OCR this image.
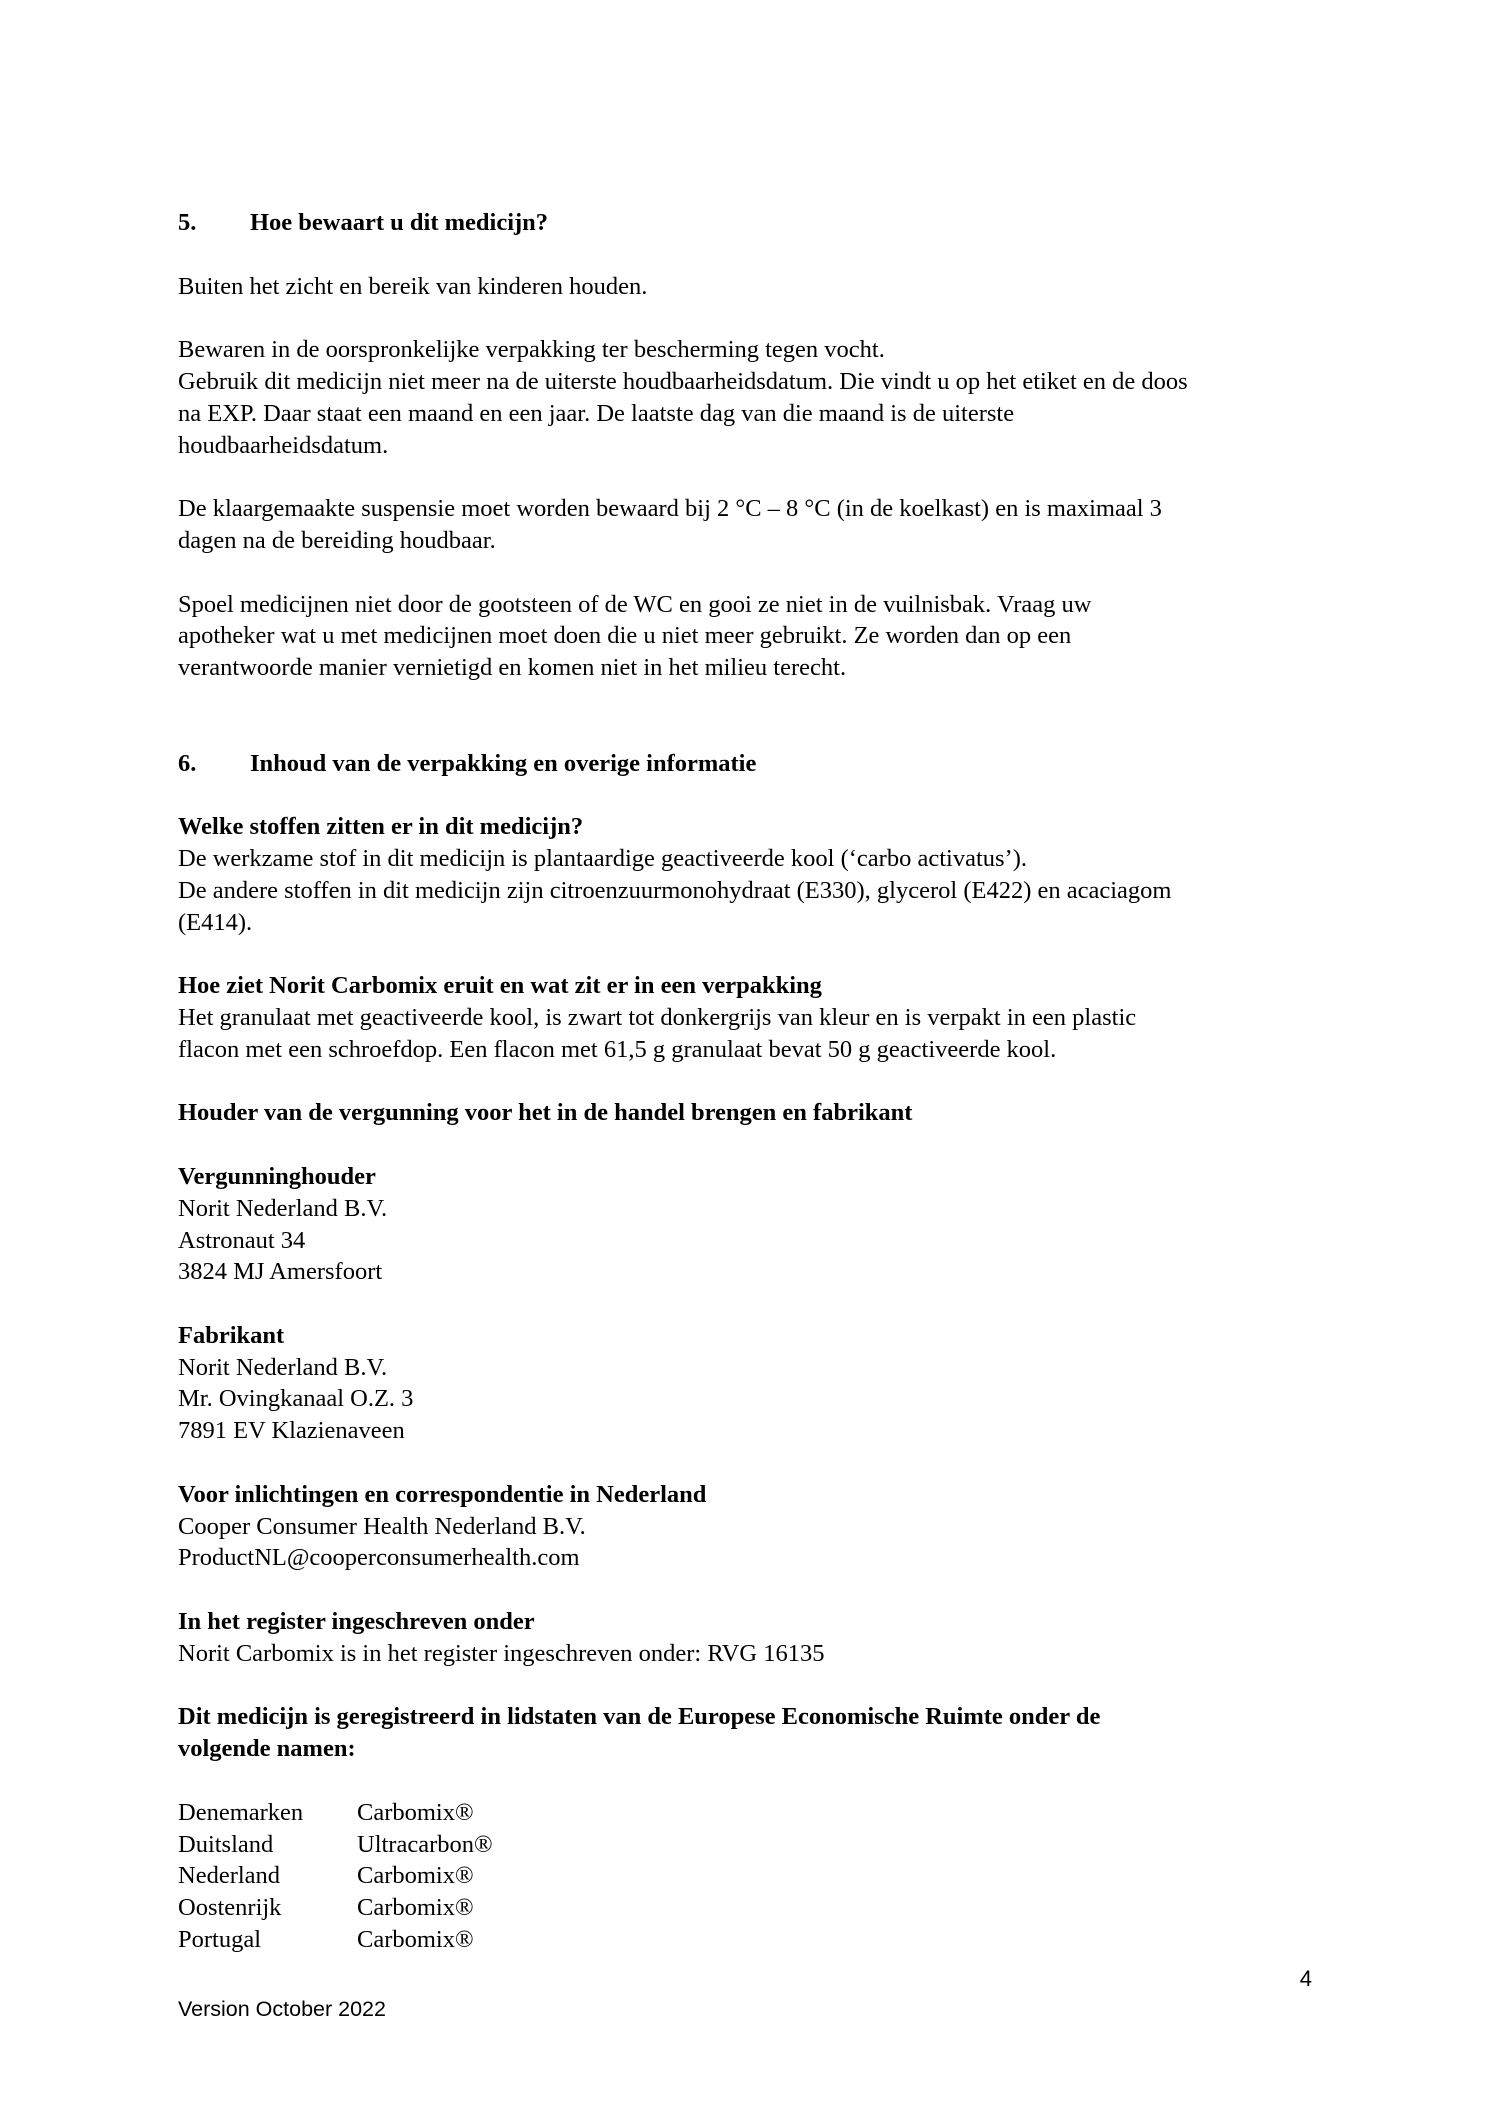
5.	Hoe bewaart u dit medicijn?
Buiten het zicht en bereik van kinderen houden.
Bewaren in de oorspronkelijke verpakking ter bescherming tegen vocht.
Gebruik dit medicijn niet meer na de uiterste houdbaarheidsdatum. Die vindt u op het etiket en de doos
na EXP. Daar staat een maand en een jaar. De laatste dag van die maand is de uiterste
houdbaarheidsdatum.
De klaargemaakte suspensie moet worden bewaard bij 2 °C – 8 °C (in de koelkast) en is maximaal 3
dagen na de bereiding houdbaar.
Spoel medicijnen niet door de gootsteen of de WC en gooi ze niet in de vuilnisbak. Vraag uw
apotheker wat u met medicijnen moet doen die u niet meer gebruikt. Ze worden dan op een
verantwoorde manier vernietigd en komen niet in het milieu terecht.
6.	Inhoud van de verpakking en overige informatie
Welke stoffen zitten er in dit medicijn?
De werkzame stof in dit medicijn is plantaardige geactiveerde kool (‘carbo activatus’).
De andere stoffen in dit medicijn zijn citroenzuurmonohydraat (E330), glycerol (E422) en acaciagom
(E414).
Hoe ziet Norit Carbomix eruit en wat zit er in een verpakking
Het granulaat met geactiveerde kool, is zwart tot donkergrijs van kleur en is verpakt in een plastic
flacon met een schroefdop. Een flacon met 61,5 g granulaat bevat 50 g geactiveerde kool.
Houder van de vergunning voor het in de handel brengen en fabrikant
Vergunninghouder
Norit Nederland B.V.
Astronaut 34
3824 MJ Amersfoort
Fabrikant
Norit Nederland B.V.
Mr. Ovingkanaal O.Z. 3
7891 EV Klazienaveen
Voor inlichtingen en correspondentie in Nederland
Cooper Consumer Health Nederland B.V.
ProductNL@cooperconsumerhealth.com
In het register ingeschreven onder
Norit Carbomix is in het register ingeschreven onder: RVG 16135
Dit medicijn is geregistreerd in lidstaten van de Europese Economische Ruimte onder de
volgende namen:
Denemarken	Carbomix®
Duitsland	Ultracarbon®
Nederland	Carbomix®
Oostenrijk	Carbomix®
Portugal	Carbomix®
4
Version October 2022
